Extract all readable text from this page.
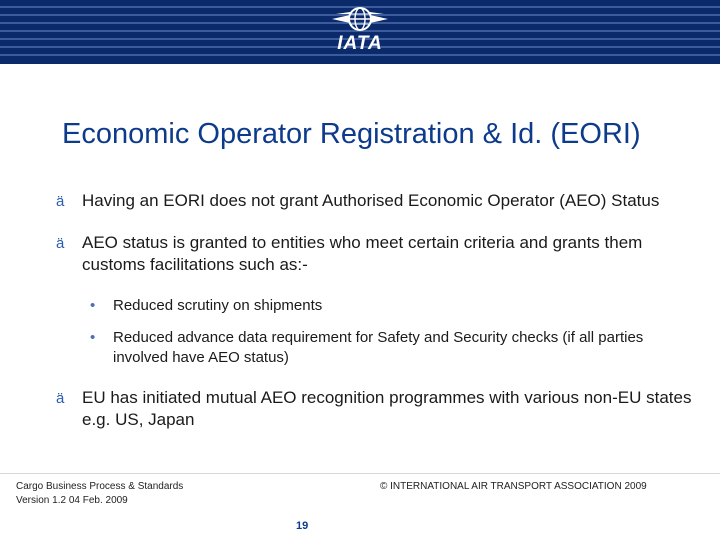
IATA
Economic Operator Registration & Id. (EORI)
ä Having an EORI does not grant Authorised Economic Operator (AEO) Status
ä AEO status is granted to entities who meet certain criteria and grants them customs facilitations such as:-
• Reduced scrutiny on shipments
• Reduced advance data requirement for Safety and Security checks (if all parties involved have AEO status)
ä EU has initiated mutual AEO recognition programmes with various non-EU states e.g. US, Japan
Cargo Business Process & Standards
Version 1.2 04 Feb. 2009
19
© INTERNATIONAL AIR TRANSPORT ASSOCIATION 2009
